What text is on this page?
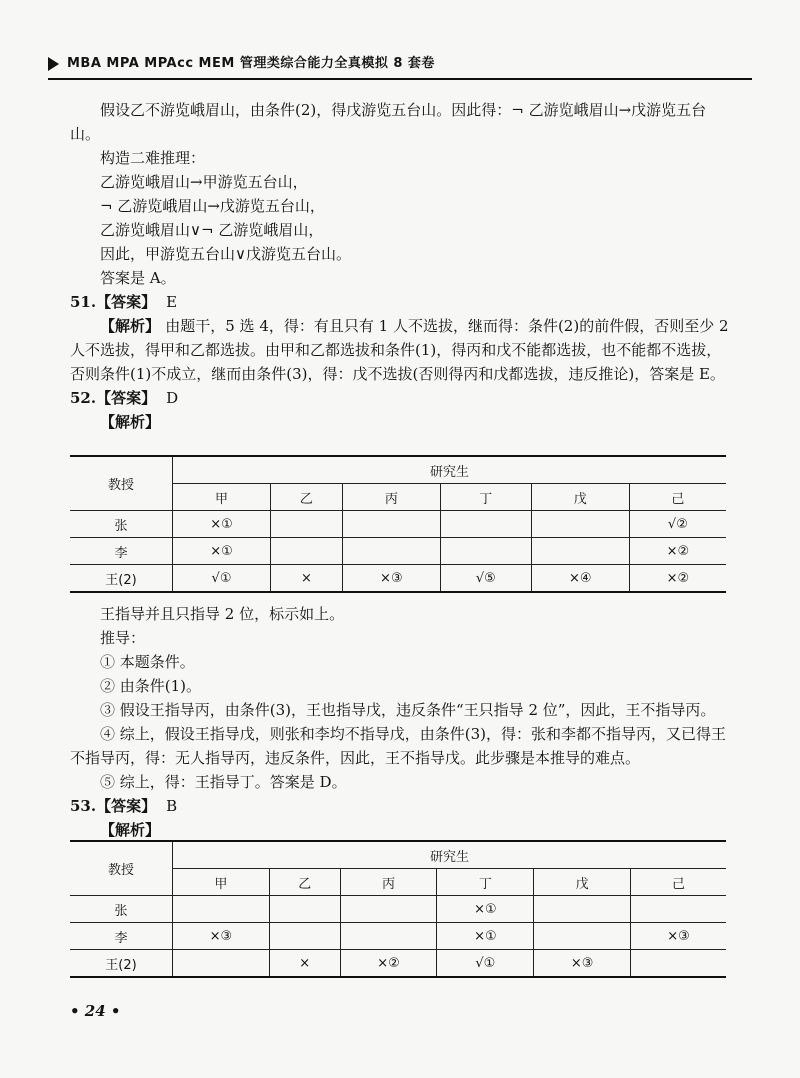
MBA MPA MPAcc MEM 管理类综合能力全真模拟 8 套卷

假设乙不游览峨眉山，由条件(2)，得戊游览五台山。因此得：¬ 乙游览峨眉山→戊游览五台山。

构造二难推理：

乙游览峨眉山→甲游览五台山，

¬ 乙游览峨眉山→戊游览五台山，

乙游览峨眉山∨¬ 乙游览峨眉山，

因此，甲游览五台山∨戊游览五台山。

答案是 A。

51.【答案】 E

【解析】 由题干，5 选 4，得：有且只有 1 人不选拔，继而得：条件(2)的前件假，否则至少 2 人不选拔，得甲和乙都选拔。由甲和乙都选拔和条件(1)，得丙和戊不能都选拔，也不能都不选拔，否则条件(1)不成立，继而由条件(3)，得：戊不选拔(否则得丙和戊都选拔，违反推论)，答案是 E。

52.【答案】 D

【解析】

教授	研究生					
	甲	乙	丙	丁	戊	己
张	×①					√②
李	×①					×②
王(2)	√①	×	×③	√⑤	×④	×②

王指导并且只指导 2 位，标示如上。

推导：

① 本题条件。

② 由条件(1)。

③ 假设王指导丙，由条件(3)，王也指导戊，违反条件“王只指导 2 位”，因此，王不指导丙。

④ 综上，假设王指导戊，则张和李均不指导戊，由条件(3)，得：张和李都不指导丙，又已得王不指导丙，得：无人指导丙，违反条件，因此，王不指导戊。此步骤是本推导的难点。

⑤ 综上，得：王指导丁。答案是 D。

53.【答案】 B

【解析】

教授	研究生					
	甲	乙	丙	丁	戊	己
张				×①		
李	×③			×①		×③
王(2)		×	×②	√①	×③	
• 24 •
